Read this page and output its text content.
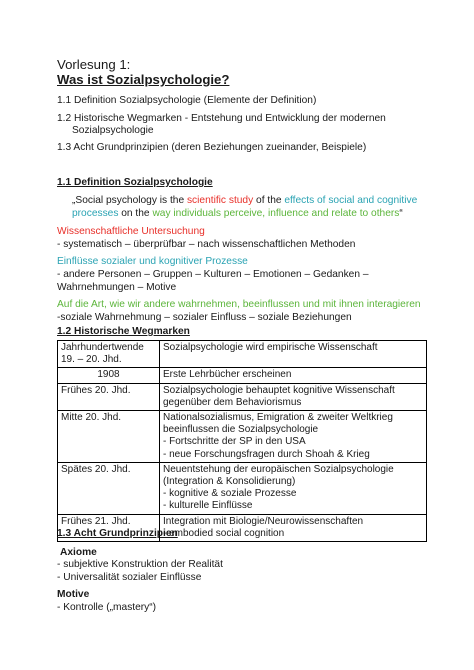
Vorlesung 1:
Was ist Sozialpsychologie?
1.1 Definition Sozialpsychologie (Elemente der Definition)
1.2 Historische Wegmarken - Entstehung und Entwicklung der modernen
Sozialpsychologie
1.3 Acht Grundprinzipien (deren Beziehungen zueinander, Beispiele)
1.1 Definition Sozialpsychologie
„Social psychology is the scientific study of the effects of social and cognitive
processes on the way individuals perceive, influence and relate to others“
Wissenschaftliche Untersuchung
- systematisch – überprüfbar – nach wissenschaftlichen Methoden
Einflüsse sozialer und kognitiver Prozesse
- andere Personen – Gruppen – Kulturen – Emotionen – Gedanken –
Wahrnehmungen – Motive
Auf die Art, wie wir andere wahrnehmen, beeinflussen und mit ihnen interagieren
-soziale Wahrnehmung – sozialer Einfluss – soziale Beziehungen
1.2 Historische Wegmarken
Jahrhundertwende
19. – 20. Jhd.	Sozialpsychologie wird empirische Wissenschaft

1908	Erste Lehrbücher erscheinen

Frühes 20. Jhd.	Sozialpsychologie behauptet kognitive Wissenschaft
gegenüber dem Behaviorismus

Mitte 20. Jhd.	Nationalsozialismus, Emigration & zweiter Weltkrieg
beeinflussen die Sozialpsychologie
- Fortschritte der SP in den USA
- neue Forschungsfragen durch Shoah & Krieg

Spätes 20. Jhd.	Neuentstehung der europäischen Sozialpsychologie
(Integration & Konsolidierung)
- kognitive & soziale Prozesse
- kulturelle Einflüsse

Frühes 21. Jhd.	Integration mit Biologie/Neurowissenschaften
- embodied social cognition
1.3 Acht Grundprinzipien
Axiome
- subjektive Konstruktion der Realität
- Universalität sozialer Einflüsse
Motive
- Kontrolle („mastery“)
